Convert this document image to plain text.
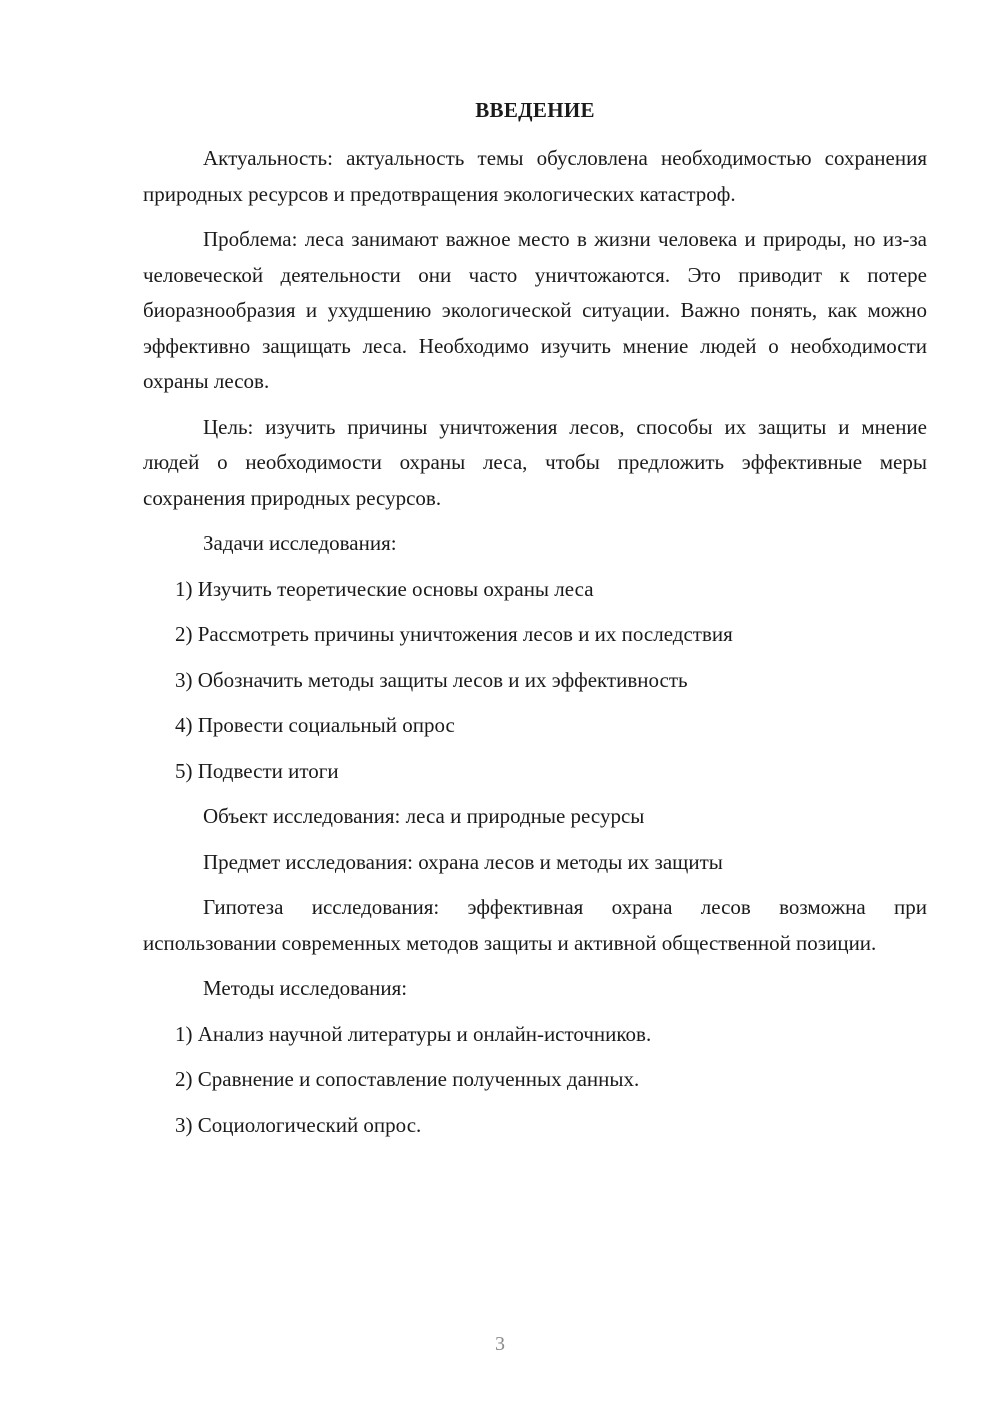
ВВЕДЕНИЕ

Актуальность: актуальность темы обусловлена необходимостью сохранения природных ресурсов и предотвращения экологических катастроф.

Проблема: леса занимают важное место в жизни человека и природы, но из-за человеческой деятельности они часто уничтожаются. Это приводит к потере биоразнообразия и ухудшению экологической ситуации. Важно понять, как можно эффективно защищать леса. Необходимо изучить мнение людей о необходимости охраны лесов.

Цель: изучить причины уничтожения лесов, способы их защиты и мнение людей о необходимости охраны леса, чтобы предложить эффективные меры сохранения природных ресурсов.

Задачи исследования:
1) Изучить теоретические основы охраны леса
2) Рассмотреть причины уничтожения лесов и их последствия
3) Обозначить методы защиты лесов и их эффективность
4) Провести социальный опрос
5) Подвести итоги
Объект исследования: леса и природные ресурсы
Предмет исследования: охрана лесов и методы их защиты

Гипотеза исследования: эффективная охрана лесов возможна при использовании современных методов защиты и активной общественной позиции.

Методы исследования:
1) Анализ научной литературы и онлайн-источников.
2) Сравнение и сопоставление полученных данных.
3) Социологический опрос.
3
